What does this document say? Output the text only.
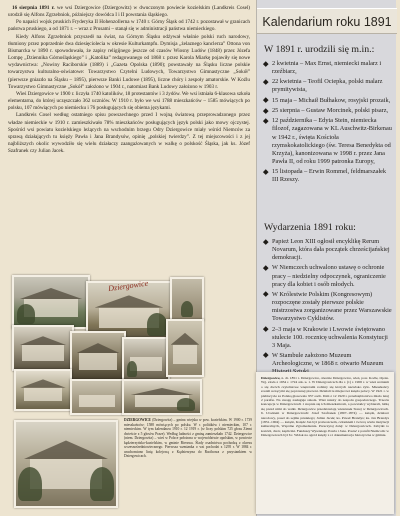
16 sierpnia 1891 r. we wsi Dziergowice (Dziergowitz) w dwuczonym powiecie kozielskim (Landkreis Cosel) urodził się Alfons Zgrzebniok, późniejszy dowódca I i II powstania śląskiego.

Po napaści wojsk pruskich Fryderyka II Hohenzollerna w 1740 r. Górny Śląsk od 1742 r. pozostawał w granicach państwa pruskiego, a od 1871 r. – wraz z Prusami – stanął się w administracji państwa niemieckiego.

Kiedy Alfons Zgrzebniok przyszedł na świat, na Górnym Śląsku odżywał właśnie polski ruch narodowy, tłumiony przez poprzednie dwa dziesięciolecia w okresie Kulturkampfu. Dymisja „żelaznego kanclerza” Ottona von Bismarcka w 1890 r. spowodowała, że zapisy religijnego jeszcze od czasów Wiosny Ludów (1848) przez Józefa Lompę „Dziennika Górnośląskiego” i „Katolika” redagowanego od 1868 r. przez Karola Miarkę pojawiły się nowe wydawnictwa: „Nowiny Raciborskie (1889) i „Gazeta Opolska (1890); powstawały na Śląsku liczne polskie towarzystwa kulturalno-oświatowe: Towarzystwo Czytelni Ludowych, Towarzystwo Gimnastyczne „Sokół” (pierwsze gniazdo na Śląsku – 1895), pierwsze Banki Ludowe (1895), liczne chóry i zespoły amatorskie. W Koźlu Towarzystwo Gimnastyczne „Sokół” założono w 1904 r., natomiast Bank Ludowy założono w 1903 r.

Wieś Dziergowice w 1900 r. liczyła 1740 katolików, 18 protestantów i 3 żydów. We wsi istniała 6-klasowa szkoła elementarna, do której uczęszczało 362 uczniów. W 1910 r. było we wsi 1788 mieszkańców – 1585 mówiących po polsku, 107 mówiących po niemiecku i 76 posługujących się obiema językami.

Landkreis Cosel według ostatniego spisu powszechnego przed I wojną światową przeprowadzonego przez władze niemieckie w 1910 r. zamieszkiwało 78% mieszkańców posługujących język polski jako mowy ojczystej. Spośród wsi powiatu kozielskiego leżących na wschodnim brzegu Odry Dziergowice miały wśród Niemców za sprawą działających tu księży Pawła i Jana Brandysów, opinię „polskiej twierdzy”. Z tej miejscowości i z jej najbliższych okolic wywodziło się wielu działaczy zaangażowanych w walkę o polskość Śląska, jak ks. Józef Szafranek czy Julian Jacek.

Dziergowice
DZIERGOWICE (Dziergowitz) – gmina wiejska w pow. kozielskim. W 1900 r. 1739 mieszkańców; 1588 mówiących po polsku. W r. politików i niemieckim, 107 r. niemieckim. W tym kalendarzu 1910 r. 12 1919 r. (w liczy polskim 725 głosu Ziemi dwieście z 5 głosów Praze). Według ludności z gminą zamieszkało 1742. Dziergowice (niem. Dziergowitz) – wieś w Polsce położona w województwie opolskim, w powiecie kędzierzyńsko-kozielskim, w gminie Bierawa. Ślady osadnictwa pochodzą z okresu wczesnośredniowiecznego. Pierwsza wzmianka o wsi pochodzi z 1295 r. W 1884 r. uruchomiono linię kolejową z Kędzierzyna do Raciborza z przystankiem w Dziergowicach.
Kalendarium roku 1891
W 1891 r. urodzili się m.in.:
2 kwietnia – Max Ernst, niemiecki malarz i rzeźbiarz,
22 kwietnia – Teofil Ociepka, polski malarz prymitywista,
15 maja – Michaił Bułhakow, rosyjski prozaik,
25 sierpnia – Gustaw Morcinek, polski pisarz,
12 października – Edyta Stein, niemiecka filozof, zagazowana w KL Auschwitz-Birkenau w 1942 r., święta Kościoła rzymskokatolickiego (św. Teresa Benedykta od Krzyża), kanonizowana w 1998 r. przez Jana Pawła II, od roku 1999 patronka Europy,
15 listopada – Erwin Rommel, feldmarszałek III Rzeszy.
Wydarzenia 1891 roku:
Papież Leon XIII ogłosił encyklikę Rerum Novarum, która dała początek chrześcijańskiej demokracji.
W Niemczech uchwalono ustawę o ochronie pracy – niedzielny odpoczynek, ograniczenie pracy dla kobiet i osób młodych.
W Królestwie Polskim (Kongresowym) rozpoczęne zostały pierwsze polskie mistrzostwa zorganizowane przez Warszawskie Towarzystwo Cyklistów.
2–3 maja w Krakowie i Lwowie świętowano stulecie 100. rocznicę uchwalenia Konstytucji 3 Maja.
W Stambule założono Muzeum Archeologiczne, w 1868 r. otwarto Muzeum
Dziergowice, n. dr. 1851 r. Dziergowice, obecnie Dziergowice, wieś, pow. Koźle, Opole. Wg. złoża z 1934 r. 1724 ark. u. 1. W Dziergowicach dla r. (1) r. 1906 r. w wieś uczniem o się dwóch czytelniowe wnętrzami rodziny się których nazwisko żyło. Mieszkańcy zostali uczącymi się poprawnej pisowni. Działali tu miejscowi księża polscy. W 1921 r. w plebiscycie za Polską głosowało 957 osób. Dziś z 12 1920 r. przedsiębiorstwo miało tutaj 2 parafie. Na uwagę zasługuje szkoła. Wieś należy do zespołu gospodarczego. Trzecia koncepcja w Dziergowicach 1 stopnia się ich mieszkańcom, a powstańcy wybierali, lubią się przed nimi do walki. Dziergowice przedstawiają wizerunek Starej w Dziergowicach. 6. Urodzeni w Dziergowicach: Józef Szafranek (1807–1874) — ksiądz, działacz narodowy, poseł do sejmu pruskiego; Julian Jacek; ks. Paweł Brandys; ks. Jan Brandys (1831–1904) — ksiądz, Ksiądz Jan był proboszczem, członkiem i twórcą wielu instytucji kulturalnych, Wspólne Zgromadzenia. Przeczytaj dalej: w Dziergowicach. Zabytki to kościół, dwór, kapliczki. Funduszy Wysokiego Pawła i Jana. Postać z parafii Niemcom: w Dziergowicach był 6 r. Widok na ogród księży z r.i dokumentacja historyczna w gminie.
